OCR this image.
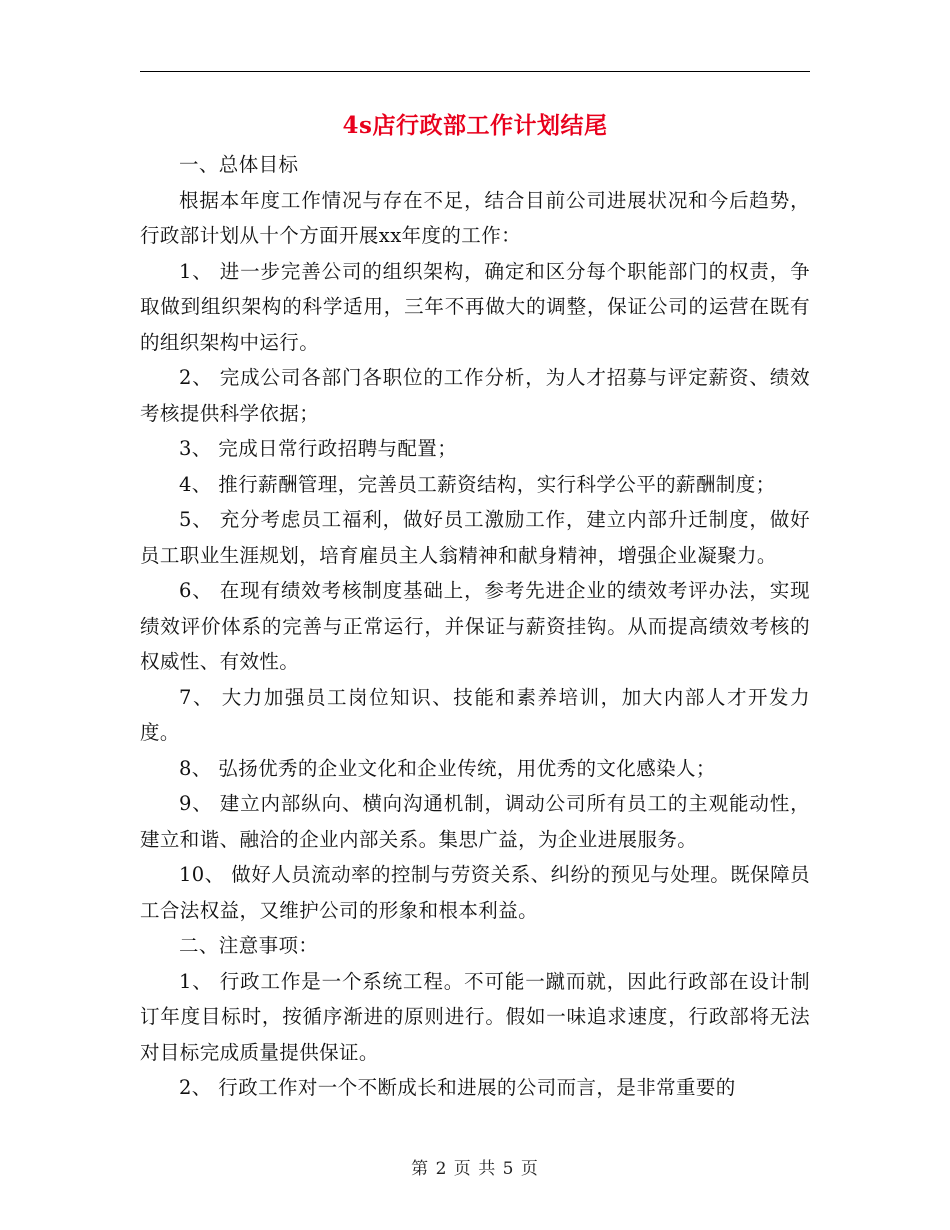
4s店行政部工作计划结尾

一、总体目标

根据本年度工作情况与存在不足，结合目前公司进展状况和今后趋势，行政部计划从十个方面开展xx年度的工作：

1、 进一步完善公司的组织架构，确定和区分每个职能部门的权责，争取做到组织架构的科学适用，三年不再做大的调整，保证公司的运营在既有的组织架构中运行。

2、 完成公司各部门各职位的工作分析，为人才招募与评定薪资、绩效考核提供科学依据；

3、 完成日常行政招聘与配置；

4、 推行薪酬管理，完善员工薪资结构，实行科学公平的薪酬制度；

5、 充分考虑员工福利，做好员工激励工作，建立内部升迁制度，做好员工职业生涯规划，培育雇员主人翁精神和献身精神，增强企业凝聚力。

6、 在现有绩效考核制度基础上，参考先进企业的绩效考评办法，实现绩效评价体系的完善与正常运行，并保证与薪资挂钩。从而提高绩效考核的权威性、有效性。

7、 大力加强员工岗位知识、技能和素养培训，加大内部人才开发力度。

8、 弘扬优秀的企业文化和企业传统，用优秀的文化感染人；

9、 建立内部纵向、横向沟通机制，调动公司所有员工的主观能动性，建立和谐、融洽的企业内部关系。集思广益，为企业进展服务。

10、 做好人员流动率的控制与劳资关系、纠纷的预见与处理。既保障员工合法权益，又维护公司的形象和根本利益。

二、注意事项：

1、 行政工作是一个系统工程。不可能一蹴而就，因此行政部在设计制订年度目标时，按循序渐进的原则进行。假如一味追求速度，行政部将无法对目标完成质量提供保证。

2、 行政工作对一个不断成长和进展的公司而言，是非常重要的

第 2 页 共 5 页
